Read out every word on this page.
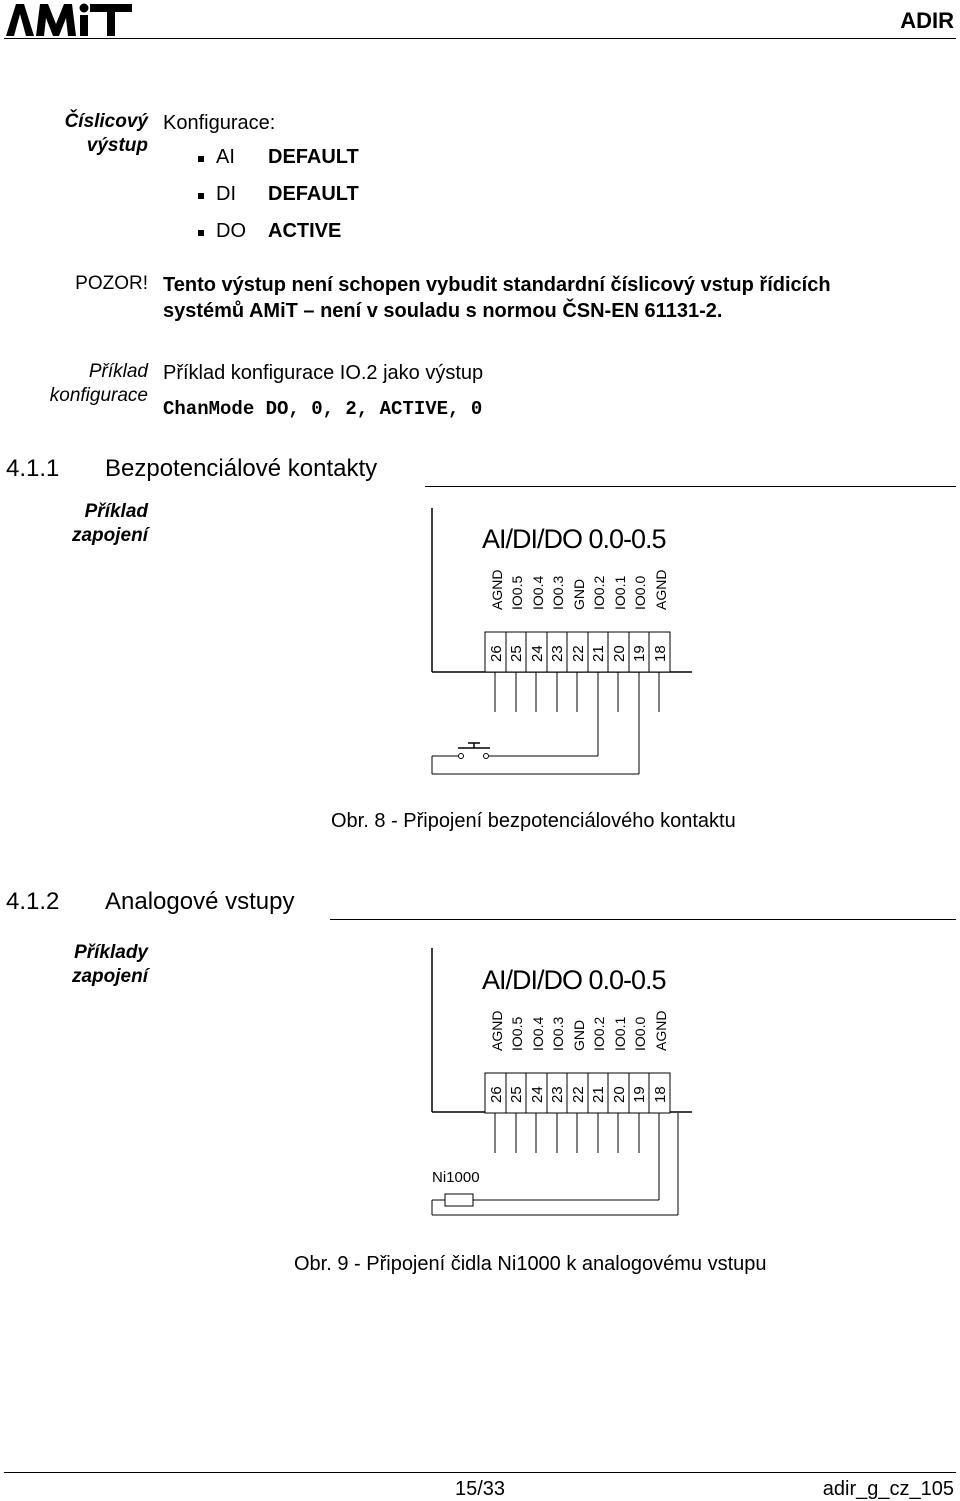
ADIR
Číslicový
výstup
Konfigurace:
AI DEFAULT
DI DEFAULT
DO ACTIVE
POZOR! Tento výstup není schopen vybudit standardní číslicový vstup řídicích
systémů AMiT – není v souladu s normou ČSN-EN 61131-2.
Příklad
konfigurace
Příklad konfigurace IO.2 jako výstup
ChanMode DO, 0, 2, ACTIVE, 0
4.1.1 Bezpotenciálové kontakty
Příklad
zapojení	AI/DI/DO 0.0-0.5
AGND IO0.5 IO0.4 IO0.3 GND IO0.2 IO0.1 IO0.0 AGND
26 25 24 23 22 21 20 19 18
Obr. 8 - Připojení bezpotenciálového kontaktu
4.1.2 Analogové vstupy
Příklady
zapojení	AI/DI/DO 0.0-0.5
AGND IO0.5 IO0.4 IO0.3 GND IO0.2 IO0.1 IO0.0 AGND
26 25 24 23 22 21 20 19 18
Ni1000
Obr. 9 - Připojení čidla Ni1000 k analogovému vstupu
15/33	adir_g_cz_105
